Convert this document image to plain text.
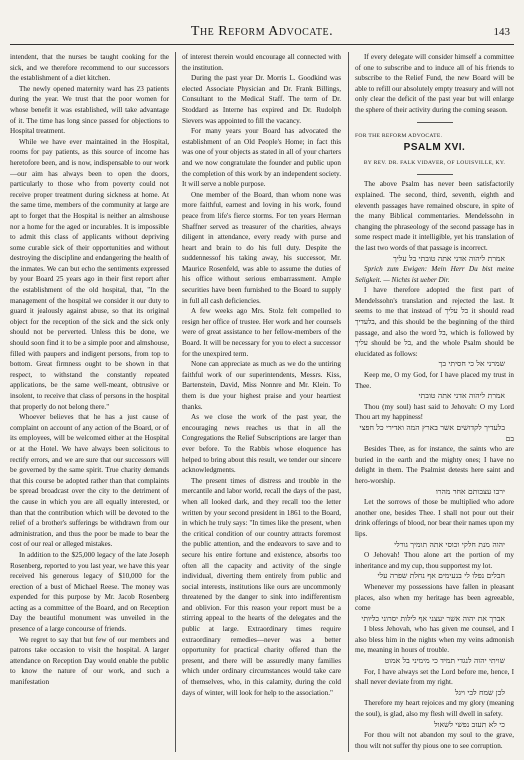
The Reform Advocate.	143

intendent, that the nurses be taught cooking for the sick, and we therefore recommend to our successors the establishment of a diet kitchen.

The newly opened maternity ward has 23 patients during the year. We trust that the poor women for whose benefit it was established, will take advantage of it. The time has long since passed for objections to Hospital treatment.

While we have ever maintained in the Hospital, rooms for pay patients, as this source of income has heretofore been, and is now, indispensable to our work—our aim has always been to open the doors, particularly to those who from poverty could not receive proper treatment during sickness at home. At the same time, members of the community at large are apt to forget that the Hospital is neither an almshouse nor a home for the aged or incurables. It is impossible to admit this class of applicants without depriving some curable sick of their opportunities and without destroying the discipline and endangering the health of the inmates. We can but echo the sentiments expressed by your Board 25 years ago in their first report after the establishment of the old hospital, that, "In the management of the hospital we consider it our duty to guard it jealously against abuse, so that its original object for the reception of the sick and the sick only should not be perverted. Unless this be done, we should soon find it to be a simple poor and almshouse, filled with paupers and indigent persons, from top to bottom. Great firmness ought to be shown in that respect, to withstand the constantly repeated applications, be the same well-meant, obtrusive or insolent, to receive that class of persons in the hospital that properly do not belong there."

Whoever believes that he has a just cause of complaint on account of any action of the Board, or of its employees, will be welcomed either at the Hospital or at the Hotel. We have always been solicitous to rectify errors, and we are sure that our successors will be governed by the same spirit. True charity demands that this course be adopted rather than that complaints be spread broadcast over the city to the detriment of the cause in which you are all equally interested, or than that the contribution which will be devoted to the relief of a brother's sufferings be withdrawn from our administration, and thus the poor be made to bear the cost of our real or alleged mistakes.

In addition to the $25,000 legacy of the late Joseph Rosenberg, reported to you last year, we have this year received his generous legacy of $10,000 for the erection of a bust of Michael Reese. The money was expended for this purpose by Mr. Jacob Rosenberg acting as a committee of the Board, and on Reception Day the beautiful monument was unveiled in the presence of a large concourse of friends.

We regret to say that but few of our members and patrons take occasion to visit the hospital. A larger attendance on Reception Day would enable the public to know the nature of our work, and such a manifestation

of interest therein would encourage all connected with the institution.

During the past year Dr. Morris L. Goodkind was elected Associate Physician and Dr. Frank Billings, Consultant to the Medical Staff. The term of Dr. Stoddard as Interne has expired and Dr. Rudolph Sievers was appointed to fill the vacancy.

For many years your Board has advocated the establishment of an Old People's Home; in fact this was one of your objects as stated in all of your charters and we now congratulate the founder and public upon the completion of this work by an independent society. It will serve a noble purpose.

One member of the Board, than whom none was more faithful, earnest and loving in his work, found peace from life's fierce storms. For ten years Herman Shaffner served as treasurer of the charities, always diligent in attendance, every ready with purse and heart and brain to do his full duty. Despite the suddennessof his taking away, his successor, Mr. Maurice Rosenfeld, was able to assume the duties of his office without serious embarrassment. Ample securities have been furnished to the Board to supply in full all cash deficiencies.

A few weeks ago Mrs. Stolz felt compelled to resign her office of trustee. Her work and her counsels were of great assistance to her fellow-members of the Board. It will be necessary for you to elect a successor for the unexpired term.

None can appreciate as much as we do the untiring faithful work of our superintendents, Messrs. Kiss, Bartenstein, David, Miss Nonnre and Mr. Klein. To them is due your highest praise and your heartiest thanks.

As we close the work of the past year, the encouraging news reaches us that in all the Congregations the Relief Subscriptions are larger than ever before. To the Rabbis whose eloquence has helped to bring about this result, we tender our sincere acknowledgments.

The present times of distress and trouble in the mercantile and labor world, recall the days of the past, when all looked dark, and they recall too the letter written by your second president in 1861 to the Board, in which he truly says: "In times like the present, when the critical condition of our country attracts foremost the public attention, and the endeavors to save and to secure his entire fortune and existence, absorbs too often all the capacity and activity of the single individual, diverting them entirely from public and social interests, institutions like ours are uncommonly threatened by the danger to sink into indifferentism and oblivion. For this reason your report must be a stirring appeal to the hearts of the delegates and the public at large. Extraordinary times require extraordinary remedies—never was a better opportunity for practical charity offered than the present, and there will be assuredly many families which under ordinary circumstances would take care of themselves, who, in this calamity, during the cold days of winter, will look for help to the association."

If every delegate will consider himself a committee of one to subscribe and to induce all of his friends to subscribe to the Relief Fund, the new Board will be able to refill our absolutely empty treasury and will not only clear the deficit of the past year but will enlarge the sphere of their activity during the coming season.

FOR THE REFORM ADVOCATE.
PSALM XVI.
BY REV. DR. FALK VIDAVER, OF LOUISVILLE, KY.

The above Psalm has never been satisfactorily explained. The second, third, seventh, eighth and eleventh passages have remained obscure, in spite of the many Biblical commentaries. Mendelssohn in changing the phraseology of the second passage has in some respect made it intelligible, yet his translation of the last two words of that passage is incorrect.

אמרת ליהוה אדני אתה טובתי בל עליך

Sprich zum Ewigen: Mein Herr Du bist meine Seligkeit. — Nichts ist ueber Dir.

I have therefore adopted the first part of Mendelssohn's translation and rejected the last. It seems to me that instead of בל עליך it should read בלעדיך, and this should be the beginning of the third passage, and also the word בל, which is followed by עליך should be בל, and the whole Psalm should be elucidated as follows:

שמרני אל כי חסיתי בך

Keep me, O my God, for I have placed my trust in Thee.

אמרת ליהוה אדני אתה טובתי

Thou (my soul) hast said to Jehovah: O my Lord Thou art my happiness!

בלעדיך לקדושים אשר בארץ המה ואדירי כל חפצי בם

Besides Thee, as for instance, the saints who are buried in the earth and the mighty ones; I have no delight in them. The Psalmist detests here saint and hero-worship.

ירבו עצבותם אחר מהרו

Let the sorrows of those be multiplied who adore another one, besides Thee. I shall not pour out their drink offerings of blood, nor bear their names upon my lips.

יהוה מנת חלקי וכוסי אתה תומיך גורלי

O Jehovah! Thou alone art the portion of my inheritance and my cup, thou supportest my lot.

חבלים נפלו לי בנעימים אף נחלת שפרה עלי

Whenever my possessions have fallen in pleasant places, also when my heritage has been agreeable, come

אברך את יהוה אשר יעצני אף לילות יסרוני כליותי

I bless Jehovah, who has given me counsel, and I also bless him in the nights when my veins admonish me, meaning in hours of trouble.

שויתי יהוה לנגדי תמיד כי מימיני בל אמוט

For, I have always set the Lord before me, hence, I shall never deviate from my right.

לכן שמח לבי ויגל

Therefore my heart rejoices and my glory (meaning the soul), is glad, also my flesh will dwell in safety.

כי לא תעזב נפשי לשאול

For thou wilt not abandon my soul to the grave, thou wilt not suffer thy pious one to see corruption.
